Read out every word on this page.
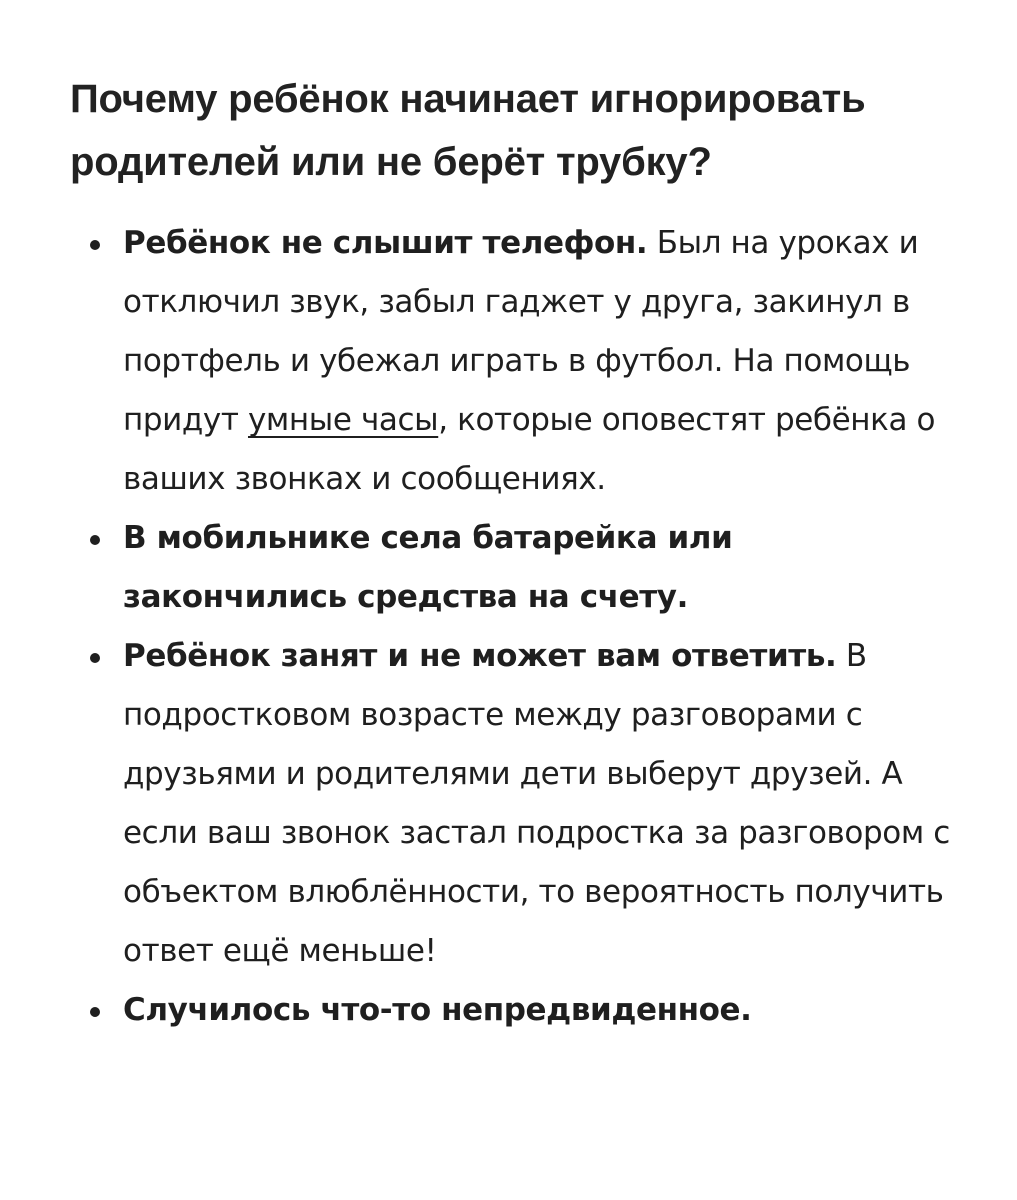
Почему ребёнок начинает игнорировать родителей или не берёт трубку?
Ребёнок не слышит телефон. Был на уроках и отключил звук, забыл гаджет у друга, закинул в портфель и убежал играть в футбол. На помощь придут умные часы, которые оповестят ребёнка о ваших звонках и сообщениях.
В мобильнике села батарейка или закончились средства на счету.
Ребёнок занят и не может вам ответить. В подростковом возрасте между разговорами с друзьями и родителями дети выберут друзей. А если ваш звонок застал подростка за разговором с объектом влюблённости, то вероятность получить ответ ещё меньше!
Случилось что-то непредвиденное.
